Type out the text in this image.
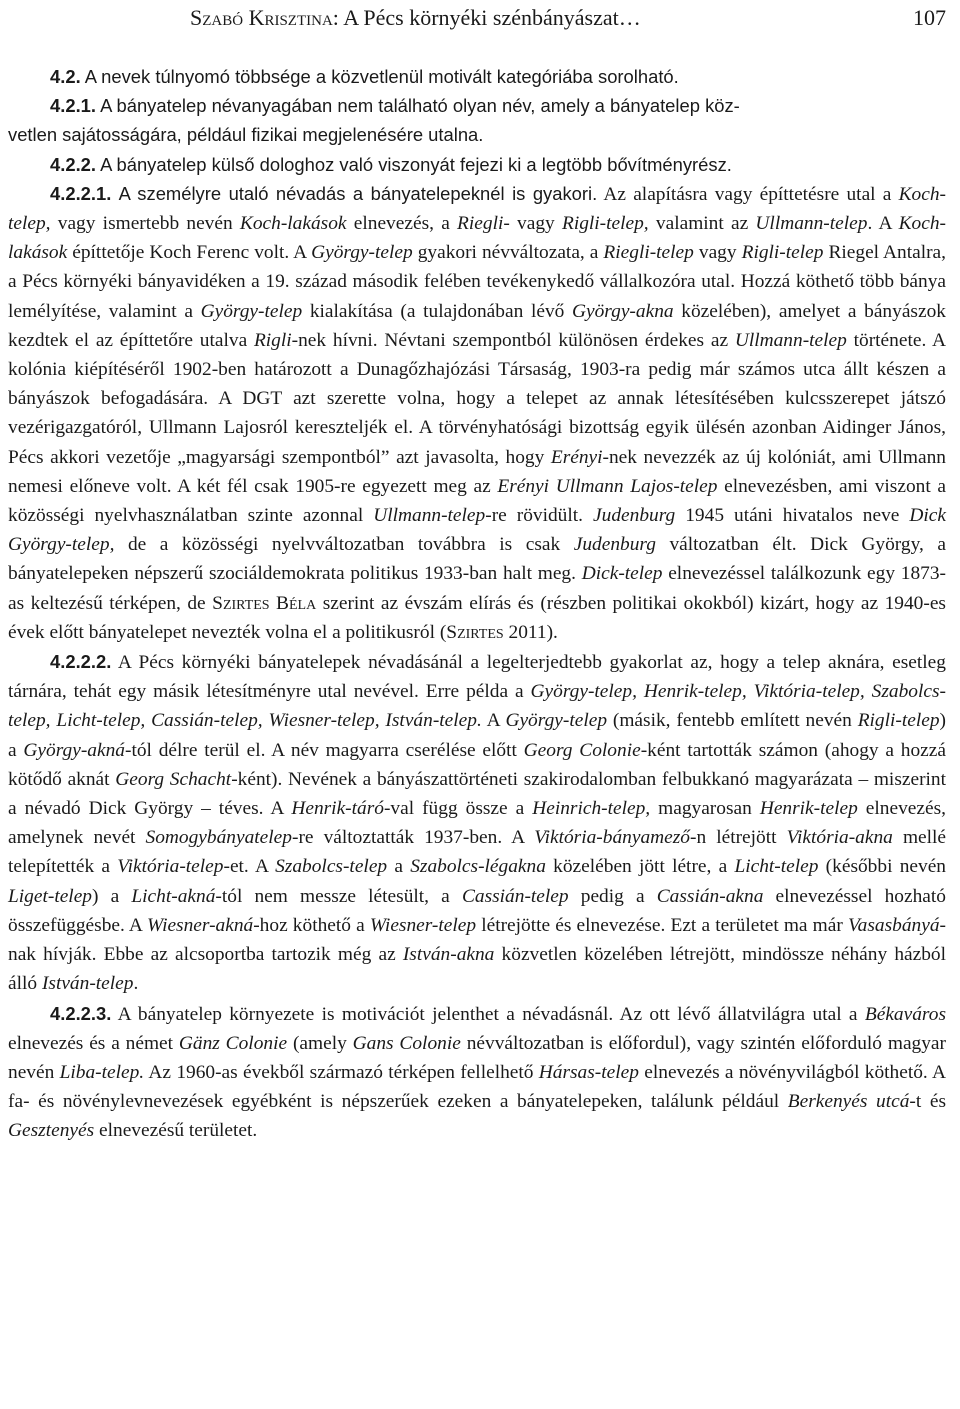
Szabó Krisztina: A Pécs környéki szénbányászat…	107
4.2. A nevek túlnyomó többsége a közvetlenül motivált kategóriába sorolható.
4.2.1. A bányatelep névanyagában nem található olyan név, amely a bányatelep köz-
vetlen sajátosságára, például fizikai megjelenésére utalna.
4.2.2. A bányatelep külső dologhoz való viszonyát fejezi ki a legtöbb bővítményrész.

4.2.2.1. A személyre utaló névadás a bányatelepeknél is gyakori. Az alapításra vagy építtetésre utal a Koch-telep, vagy ismertebb nevén Koch-lakások elnevezés, a Riegli- vagy Rigli-telep, valamint az Ullmann-telep. A Koch-lakások építtetője Koch Ferenc volt. A György-telep gyakori névváltozata, a Riegli-telep vagy Rigli-telep Riegel Antalra, a Pécs környéki bányavidéken a 19. század második felében tevékenykedő vállalkozóra utal. Hozzá köthető több bánya lemélyítése, valamint a György-telep kialakítása (a tulajdonában lévő György-akna közelében), amelyet a bányászok kezdtek el az építtetőre utalva Rigli-nek hívni. Névtani szempontból különösen érdekes az Ullmann-telep története. A kolónia kiépítéséről 1902-ben határozott a Dunagőzhajózási Társaság, 1903-ra pedig már számos utca állt készen a bányászok befogadására. A DGT azt szerette volna, hogy a telepet az annak létesítésében kulcsszerepet játszó vezérigazgatóról, Ullmann Lajosról kereszteljék el. A törvényhatósági bizottság egyik ülésén azonban Aidinger János, Pécs akkori vezetője „magyarsági szempontból” azt javasolta, hogy Erényi-nek nevezzék az új kolóniát, ami Ullmann nemesi előneve volt. A két fél csak 1905-re egyezett meg az Erényi Ullmann Lajos-telep elnevezésben, ami viszont a közösségi nyelvhasználatban szinte azonnal Ullmann-telep-re rövidült. Judenburg 1945 utáni hivatalos neve Dick György-telep, de a közösségi nyelvváltozatban továbbra is csak Judenburg változatban élt. Dick György, a bányatelepeken népszerű szociáldemokrata politikus 1933-ban halt meg. Dick-telep elnevezéssel találkozunk egy 1873-as keltezésű térképen, de Szirtes Béla szerint az évszám elírás és (részben politikai okokból) kizárt, hogy az 1940-es évek előtt bányatelepet nevezték volna el a politikusról (Szirtes 2011).

4.2.2.2. A Pécs környéki bányatelepek névadásánál a legelterjedtebb gyakorlat az, hogy a telep aknára, esetleg tárnára, tehát egy másik létesítményre utal nevével. Erre példa a György-telep, Henrik-telep, Viktória-telep, Szabolcs-telep, Licht-telep, Cassián-telep, Wiesner-telep, István-telep. A György-telep (másik, fentebb említett nevén Rigli-telep) a György-akná-tól délre terül el. A név magyarra cserélése előtt Georg Colonie-ként tartották számon (ahogy a hozzá kötődő aknát Georg Schacht-ként). Nevének a bányászattörténeti szakirodalomban felbukkanó magyarázata – miszerint a névadó Dick György – téves. A Henrik-táró-val függ össze a Heinrich-telep, magyarosan Henrik-telep elnevezés, amelynek nevét Somogybányatelep-re változtatták 1937-ben. A Viktória-bányamező-n létrejött Viktória-akna mellé telepítették a Viktória-telep-et. A Szabolcs-telep a Szabolcs-légakna közelében jött létre, a Licht-telep (későbbi nevén Liget-telep) a Licht-akná-tól nem messze létesült, a Cassián-telep pedig a Cassián-akna elnevezéssel hozható összefüggésbe. A Wiesner-akná-hoz köthető a Wiesner-telep létrejötte és elnevezése. Ezt a területet ma már Vasasbányá-nak hívják. Ebbe az alcsoportba tartozik még az István-akna közvetlen közelében létrejött, mindössze néhány házból álló István-telep.

4.2.2.3. A bányatelep környezete is motivációt jelenthet a névadásnál. Az ott lévő állatvilágra utal a Békaváros elnevezés és a német Gänz Colonie (amely Gans Colonie névváltozatban is előfordul), vagy szintén előforduló magyar nevén Liba-telep. Az 1960-as évekből származó térképen fellelhető Hársas-telep elnevezés a növényvilágból köthető. A fa- és növénylevnevezések egyébként is népszerűek ezeken a bányatelepeken, találunk például Berkenyés utcá-t és Gesztenyés elnevezésű területet.
